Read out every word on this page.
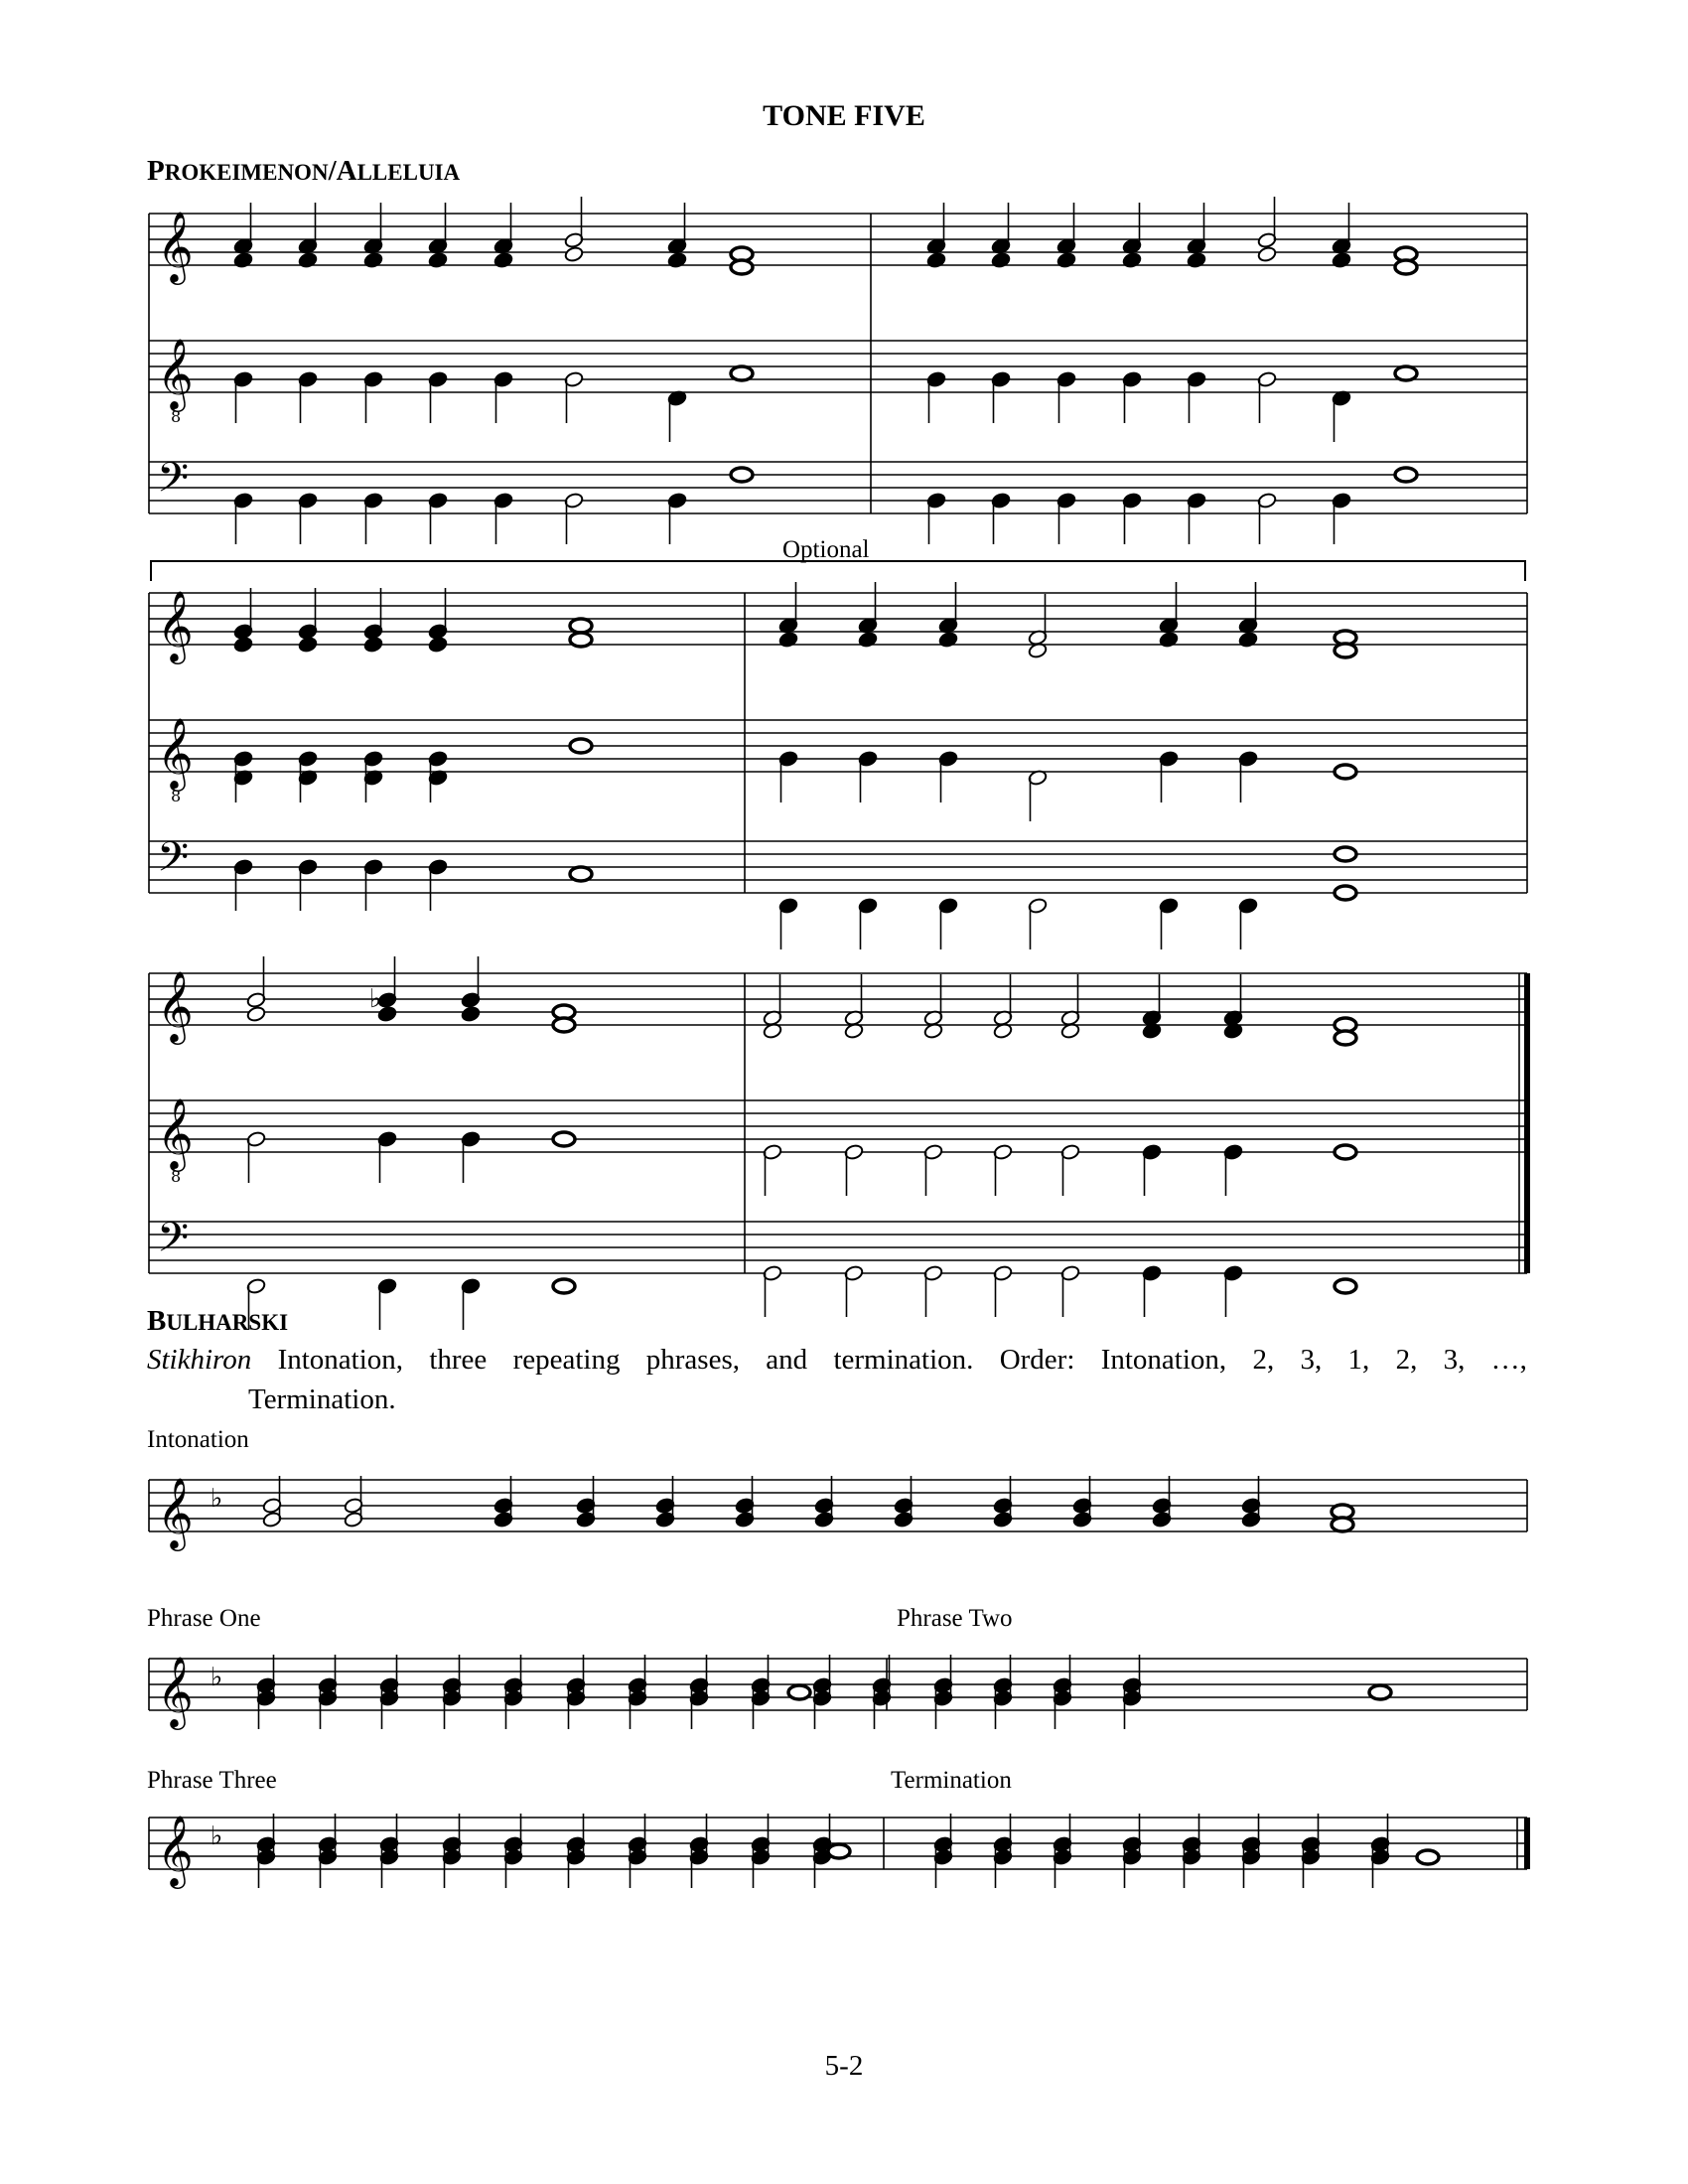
TONE FIVE
PROKEIMENON/ALLELUIA
Optional
BULHARSKI
Stikhiron Intonation, three repeating phrases, and termination. Order: Intonation, 2, 3, 1, 2, 3, …,
Termination.
Intonation
Phrase One	Phrase Two
Phrase Three	Termination
𝄞
𝄞
8
𝄢
𝄞
𝄞
8
𝄢
𝄞
𝄞
8
𝄢
♭
𝄞 ♭
𝄞 ♭
𝄞 ♭
5-2
